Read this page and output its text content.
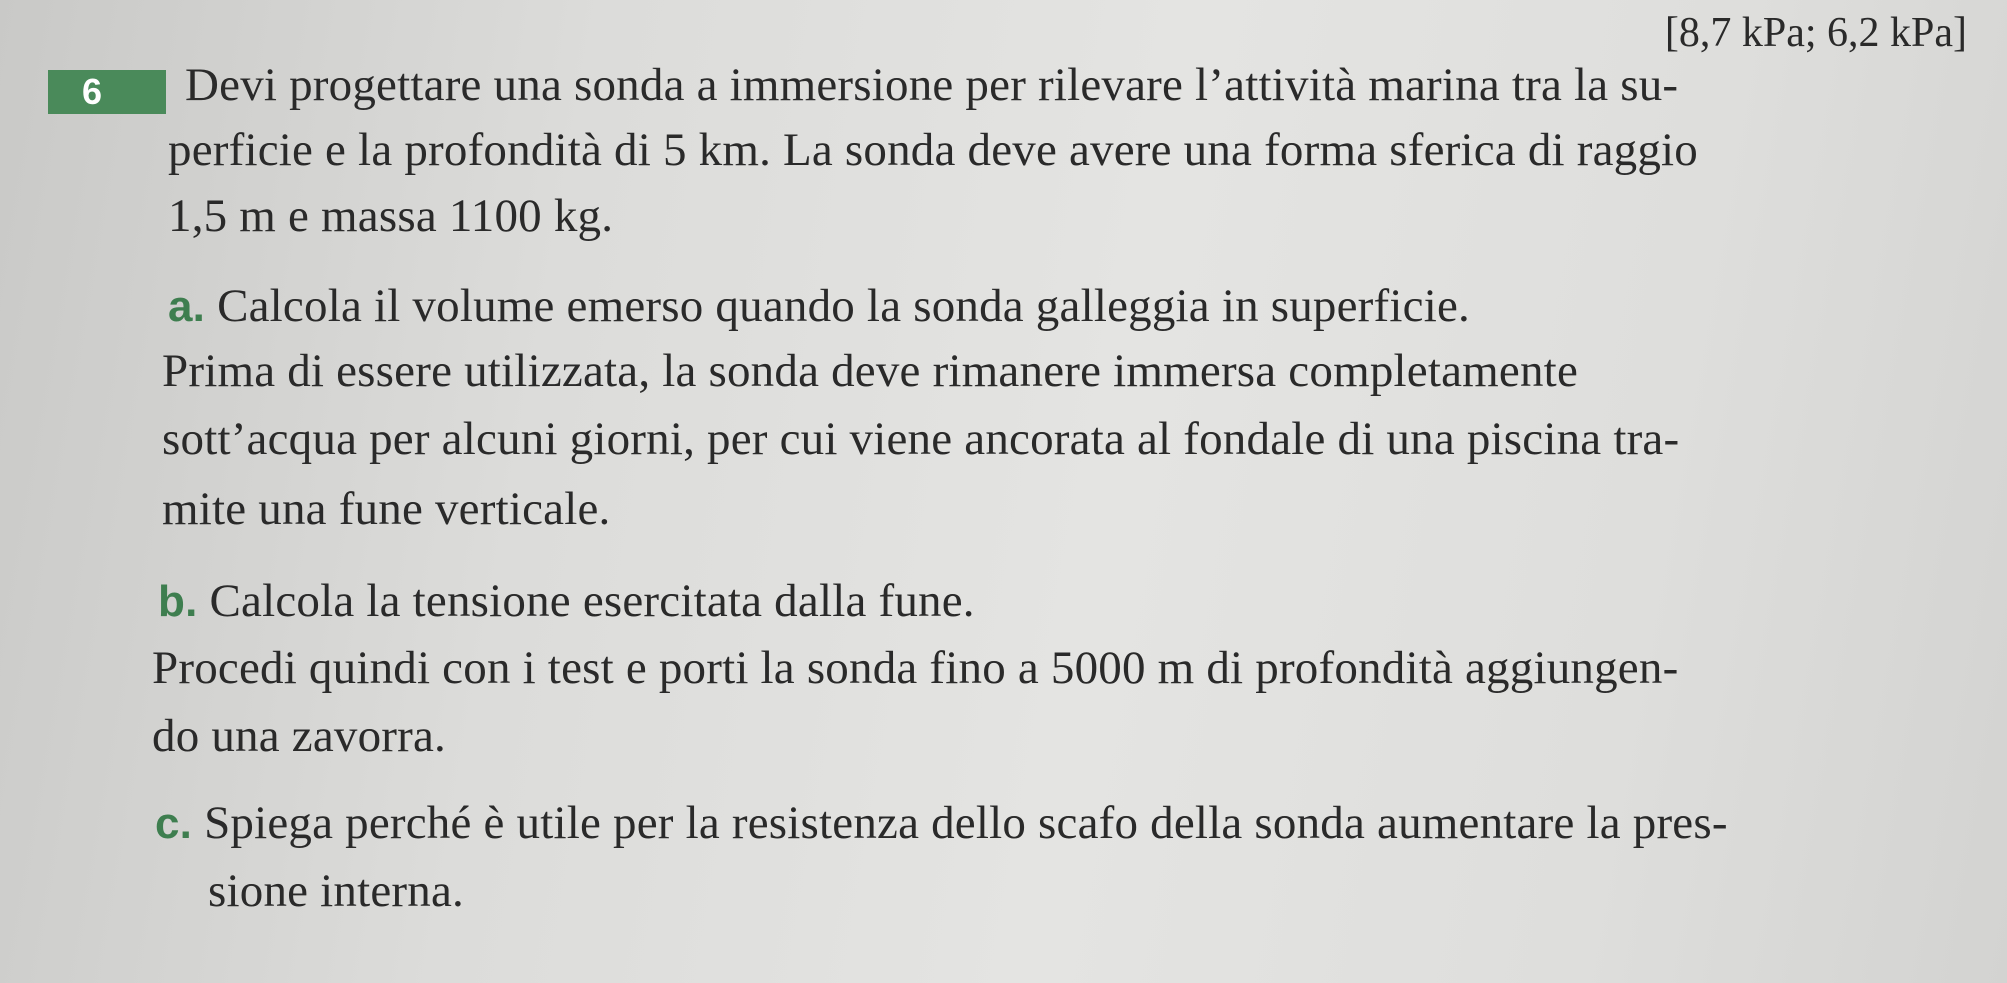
[8,7 kPa; 6,2 kPa]
6	Devi progettare una sonda a immersione per rilevare l’attività marina tra la su-
perficie e la profondità di 5 km. La sonda deve avere una forma sferica di raggio
1,5 m e massa 1100 kg.
a. Calcola il volume emerso quando la sonda galleggia in superficie.
Prima di essere utilizzata, la sonda deve rimanere immersa completamente
sott’acqua per alcuni giorni, per cui viene ancorata al fondale di una piscina tra-
mite una fune verticale.
b. Calcola la tensione esercitata dalla fune.
Procedi quindi con i test e porti la sonda fino a 5000 m di profondità aggiungen-
do una zavorra.
c. Spiega perché è utile per la resistenza dello scafo della sonda aumentare la pres-
sione interna.
